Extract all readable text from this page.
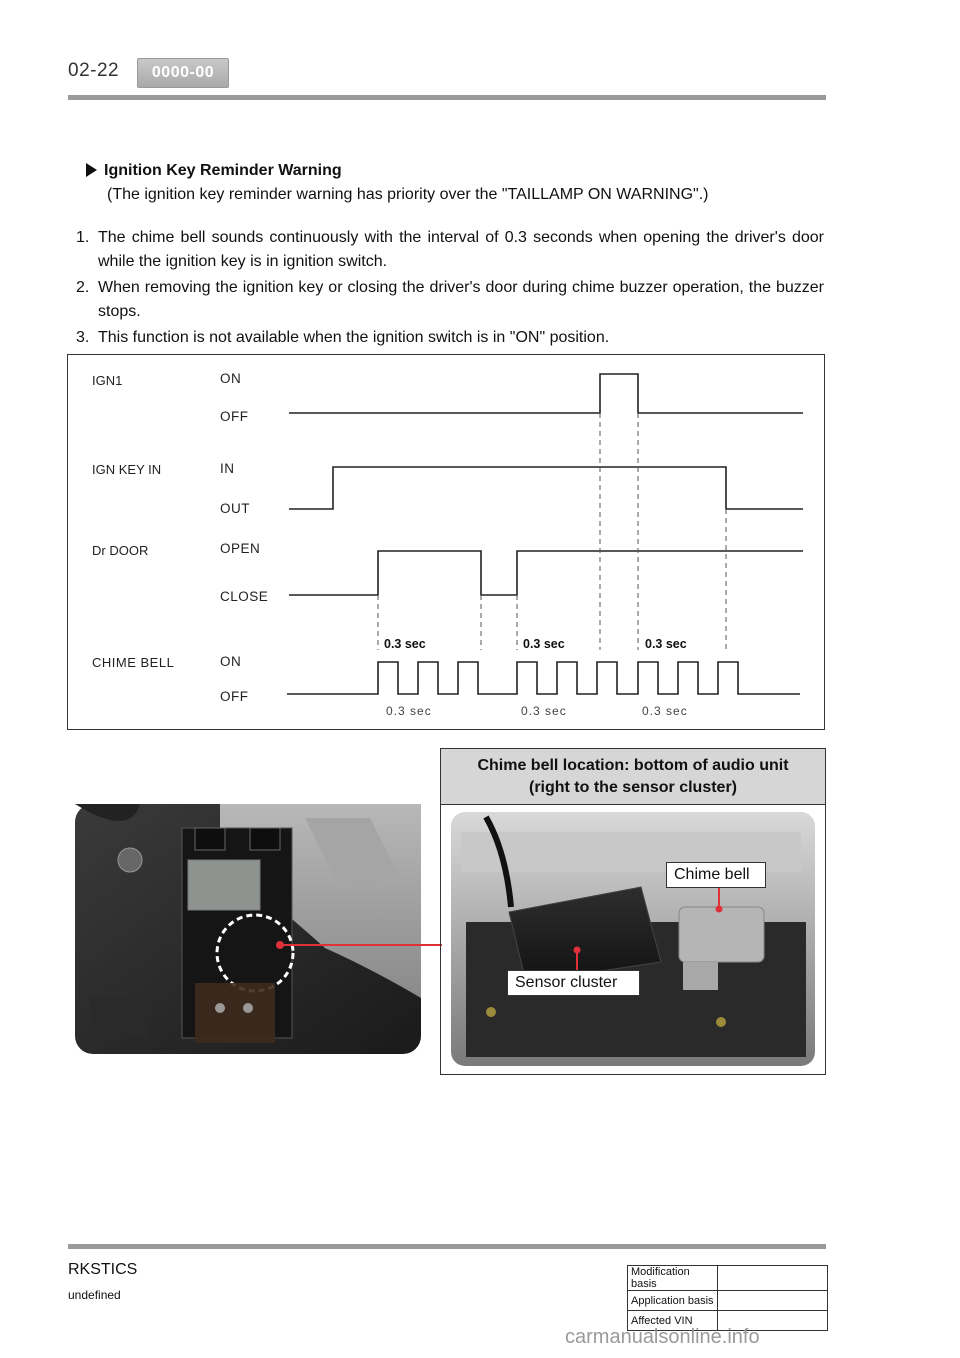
02-22	0000-00
Ignition Key Reminder Warning
(The ignition key reminder warning has priority over the "TAILLAMP ON WARNING".)
1. The chime bell sounds continuously with the interval of 0.3 seconds when opening the driver's door while the ignition key is in ignition switch.
2. When removing the ignition key or closing the driver's door during chime buzzer operation, the buzzer stops.
3. This function is not available when the ignition switch is in "ON" position.
IGN1
IGN KEY IN
Dr DOOR
CHIME BELL
ON
OFF
IN
OUT
OPEN
CLOSE
ON
OFF
0.3 sec	0.3 sec	0.3 sec
0.3 sec	0.3 sec	0.3 sec
Chime bell location: bottom of audio unit
(right to the sensor cluster)
Chime bell
Sensor cluster
RKSTICS
undefined
Modification basis	
Application basis	
Affected VIN	
carmanualsonline.info
